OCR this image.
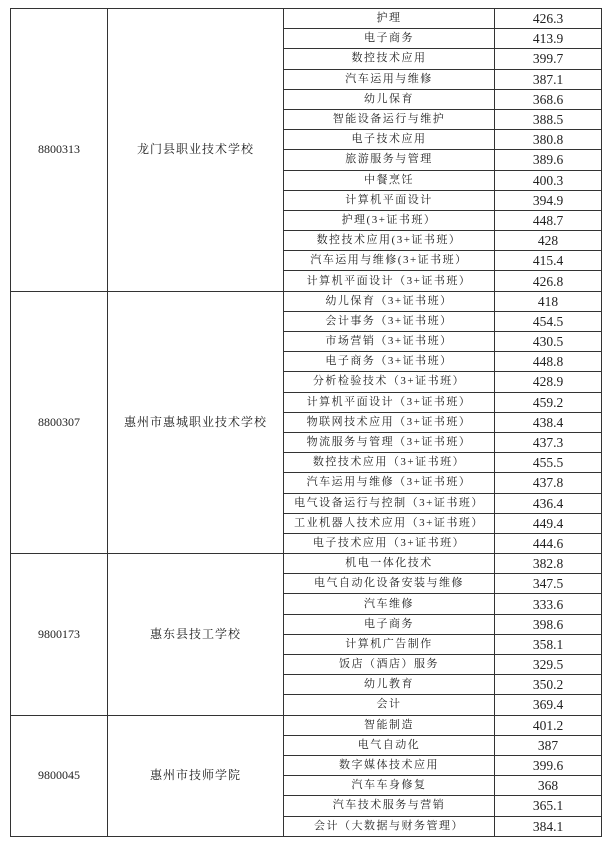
8800313	龙门县职业技术学校	护理	426.3
		电子商务	413.9
		数控技术应用	399.7
		汽车运用与维修	387.1
		幼儿保育	368.6
		智能设备运行与维护	388.5
		电子技术应用	380.8
		旅游服务与管理	389.6
		中餐烹饪	400.3
		计算机平面设计	394.9
		护理(3+证书班）	448.7
		数控技术应用(3+证书班）	428
		汽车运用与维修(3+证书班）	415.4
		计算机平面设计（3+证书班）	426.8
8800307	惠州市惠城职业技术学校	幼儿保育（3+证书班）	418
		会计事务（3+证书班）	454.5
		市场营销（3+证书班）	430.5
		电子商务（3+证书班）	448.8
		分析检验技术（3+证书班）	428.9
		计算机平面设计（3+证书班）	459.2
		物联网技术应用（3+证书班）	438.4
		物流服务与管理（3+证书班）	437.3
		数控技术应用（3+证书班）	455.5
		汽车运用与维修（3+证书班）	437.8
		电气设备运行与控制（3+证书班）	436.4
		工业机器人技术应用（3+证书班）	449.4
		电子技术应用（3+证书班）	444.6
9800173	惠东县技工学校	机电一体化技术	382.8
		电气自动化设备安装与维修	347.5
		汽车维修	333.6
		电子商务	398.6
		计算机广告制作	358.1
		饭店（酒店）服务	329.5
		幼儿教育	350.2
		会计	369.4
9800045	惠州市技师学院	智能制造	401.2
		电气自动化	387
		数字媒体技术应用	399.6
		汽车车身修复	368
		汽车技术服务与营销	365.1
		会计（大数据与财务管理）	384.1
